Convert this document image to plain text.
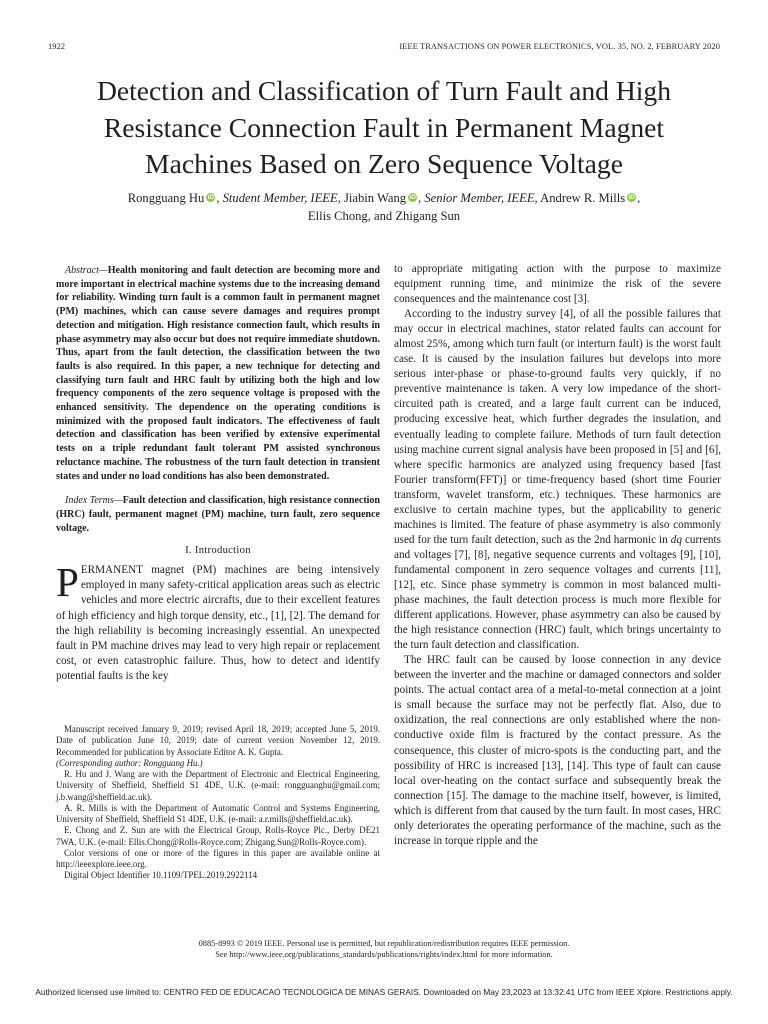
1922	IEEE TRANSACTIONS ON POWER ELECTRONICS, VOL. 35, NO. 2, FEBRUARY 2020
Detection and Classification of Turn Fault and High
Resistance Connection Fault in Permanent Magnet
Machines Based on Zero Sequence Voltage
Rongguang Hu iD , Student Member, IEEE, Jiabin Wang iD , Senior Member, IEEE, Andrew R. Mills iD ,
Ellis Chong, and Zhigang Sun

Abstract—Health monitoring and fault detection are becoming more and more important in electrical machine systems due to the increasing demand for reliability. Winding turn fault is a common fault in permanent magnet (PM) machines, which can cause severe damages and requires prompt detection and mitigation. High resistance connection fault, which results in phase asymmetry may also occur but does not require immediate shutdown. Thus, apart from the fault detection, the classification between the two faults is also required. In this paper, a new technique for detecting and classifying turn fault and HRC fault by utilizing both the high and low frequency components of the zero sequence voltage is proposed with the enhanced sensitivity. The dependence on the operating conditions is minimized with the proposed fault indicators. The effectiveness of fault detection and classification has been verified by extensive experimental tests on a triple redundant fault tolerant PM assisted synchronous reluctance machine. The robustness of the turn fault detection in transient states and under no load conditions has also been demonstrated.

Index Terms—Fault detection and classification, high resistance connection (HRC) fault, permanent magnet (PM) machine, turn fault, zero sequence voltage.

I. Introduction

PERMANENT magnet (PM) machines are being intensively employed in many safety-critical application areas such as electric vehicles and more electric aircrafts, due to their excellent features of high efficiency and high torque density, etc., [1], [2]. The demand for the high reliability is becoming increasingly essential. An unexpected fault in PM machine drives may lead to very high repair or replacement cost, or even catastrophic failure. Thus, how to detect and identify potential faults is the key

Manuscript received January 9, 2019; revised April 18, 2019; accepted June 5, 2019. Date of publication June 10, 2019; date of current version November 12, 2019. Recommended for publication by Associate Editor A. K. Gupta.

(Corresponding author: Rongguang Hu.)

R. Hu and J. Wang are with the Department of Electronic and Electrical Engineering, University of Sheffield, Sheffield S1 4DE, U.K. (e-mail: rongguanghu@gmail.com; j.b.wang@sheffield.ac.uk).

A. R. Mills is with the Department of Automatic Control and Systems Engineering, University of Sheffield, Sheffield S1 4DE, U.K. (e-mail: a.r.mills@sheffield.ac.uk).

E. Chong and Z. Sun are with the Electrical Group, Rolls-Royce Plc., Derby DE21 7WA, U.K. (e-mail: Ellis.Chong@Rolls-Royce.com; Zhigang.Sun@Rolls-Royce.com).

Color versions of one or more of the figures in this paper are available online at http://ieeexplore.ieee.org.

Digital Object Identifier 10.1109/TPEL.2019.2922114

to appropriate mitigating action with the purpose to maximize equipment running time, and minimize the risk of the severe consequences and the maintenance cost [3].

According to the industry survey [4], of all the possible failures that may occur in electrical machines, stator related faults can account for almost 25%, among which turn fault (or interturn fault) is the worst fault case. It is caused by the insulation failures but develops into more serious inter-phase or phase-to-ground faults very quickly, if no preventive maintenance is taken. A very low impedance of the short-circuited path is created, and a large fault current can be induced, producing excessive heat, which further degrades the insulation, and eventually leading to complete failure. Methods of turn fault detection using machine current signal analysis have been proposed in [5] and [6], where specific harmonics are analyzed using frequency based [fast Fourier transform(FFT)] or time-frequency based (short time Fourier transform, wavelet transform, etc.) techniques. These harmonics are exclusive to certain machine types, but the applicability to generic machines is limited. The feature of phase asymmetry is also commonly used for the turn fault detection, such as the 2nd harmonic in dq currents and voltages [7], [8], negative sequence currents and voltages [9], [10], fundamental component in zero sequence voltages and currents [11], [12], etc. Since phase symmetry is common in most balanced multi-phase machines, the fault detection process is much more flexible for different applications. However, phase asymmetry can also be caused by the high resistance connection (HRC) fault, which brings uncertainty to the turn fault detection and classification.

The HRC fault can be caused by loose connection in any device between the inverter and the machine or damaged connectors and solder points. The actual contact area of a metal-to-metal connection at a joint is small because the surface may not be perfectly flat. Also, due to oxidization, the real connections are only established where the non-conductive oxide film is fractured by the contact pressure. As the consequence, this cluster of micro-spots is the conducting part, and the possibility of HRC is increased [13], [14]. This type of fault can cause local over-heating on the contact surface and subsequently break the connection [15]. The damage to the machine itself, however, is limited, which is different from that caused by the turn fault. In most cases, HRC only deteriorates the operating performance of the machine, such as the increase in torque ripple and the

0885-8993 © 2019 IEEE. Personal use is permitted, but republication/redistribution requires IEEE permission.
See http://www.ieee.org/publications_standards/publications/rights/index.html for more information.
Authorized licensed use limited to: CENTRO FED DE EDUCACAO TECNOLOGICA DE MINAS GERAIS. Downloaded on May 23,2023 at 13:32:41 UTC from IEEE Xplore. Restrictions apply.
